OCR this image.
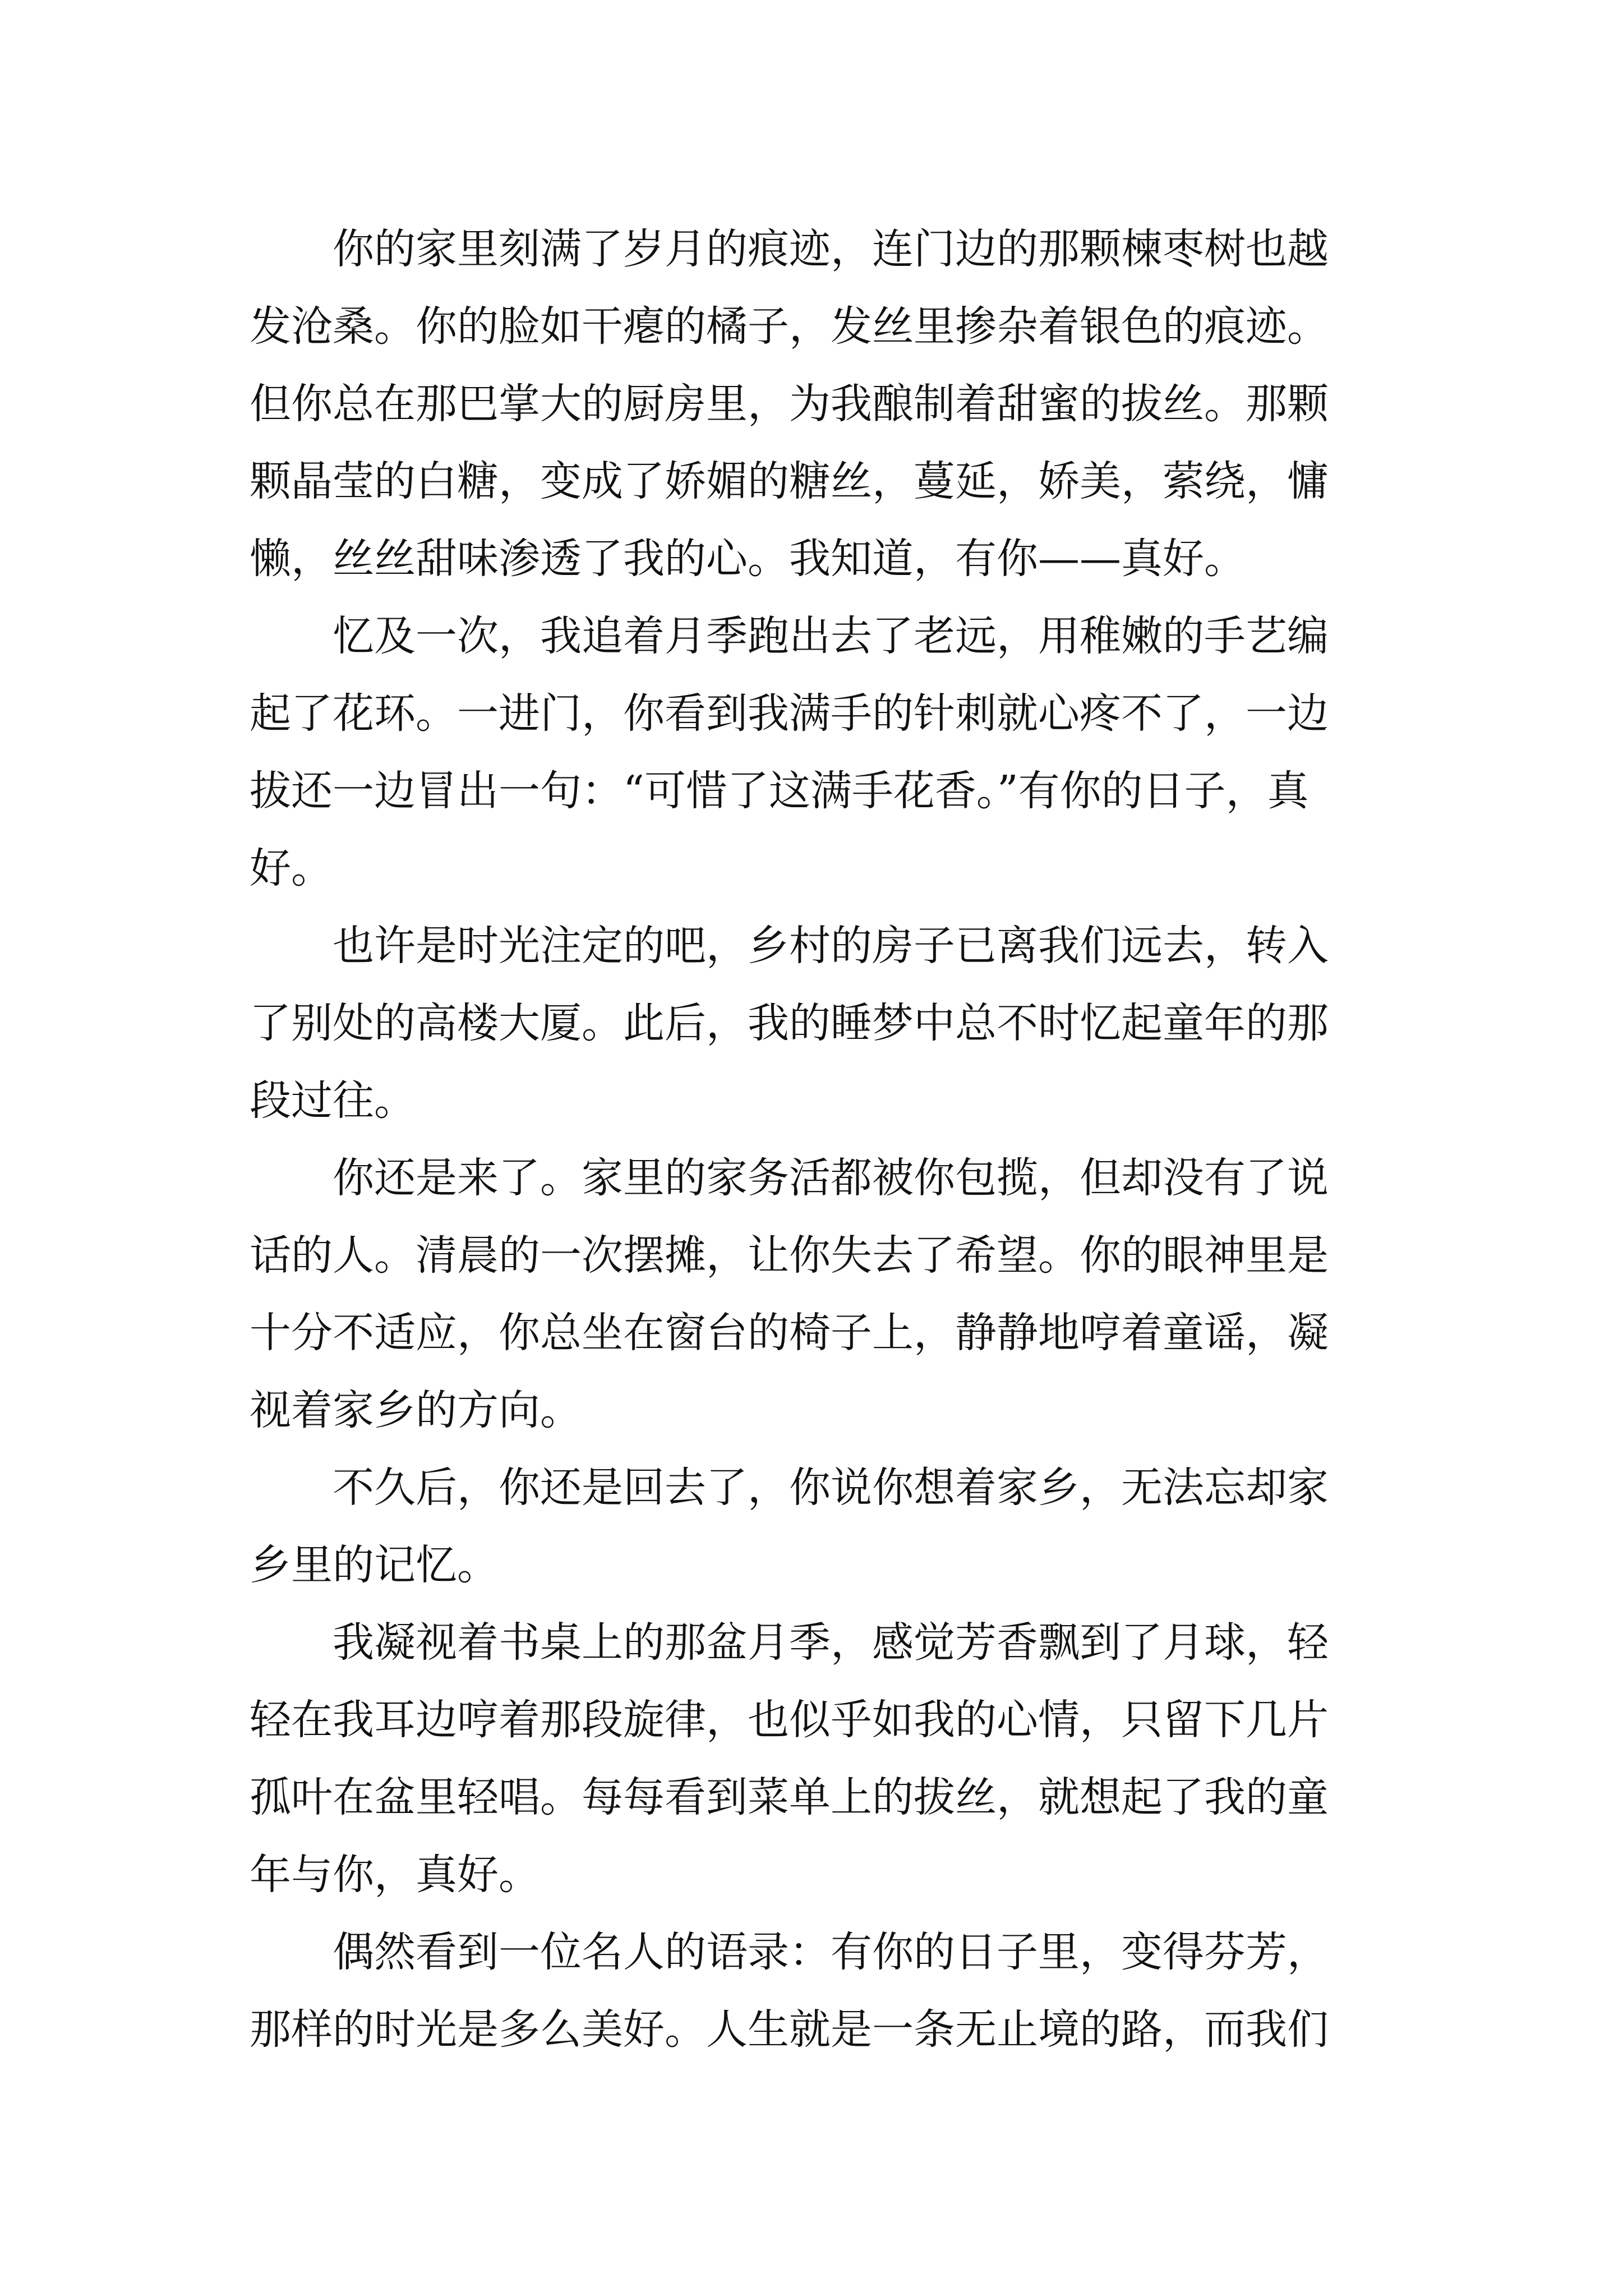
你的家里刻满了岁月的痕迹，连门边的那颗楝枣树也越
发沧桑。你的脸如干瘪的橘子，发丝里掺杂着银色的痕迹。
但你总在那巴掌大的厨房里，为我酿制着甜蜜的拔丝。那颗
颗晶莹的白糖，变成了娇媚的糖丝，蔓延，娇美，萦绕，慵
懒，丝丝甜味渗透了我的心。我知道，有你——真好。
忆及一次，我追着月季跑出去了老远，用稚嫩的手艺编
起了花环。一进门，你看到我满手的针刺就心疼不了，一边
拔还一边冒出一句：“可惜了这满手花香。”有你的日子，真
好。
也许是时光注定的吧，乡村的房子已离我们远去，转入
了别处的高楼大厦。此后，我的睡梦中总不时忆起童年的那
段过往。
你还是来了。家里的家务活都被你包揽，但却没有了说
话的人。清晨的一次摆摊，让你失去了希望。你的眼神里是
十分不适应，你总坐在窗台的椅子上，静静地哼着童谣，凝
视着家乡的方向。
不久后，你还是回去了，你说你想着家乡，无法忘却家
乡里的记忆。
我凝视着书桌上的那盆月季，感觉芳香飘到了月球，轻
轻在我耳边哼着那段旋律，也似乎如我的心情，只留下几片
孤叶在盆里轻唱。每每看到菜单上的拔丝，就想起了我的童
年与你，真好。
偶然看到一位名人的语录：有你的日子里，变得芬芳，
那样的时光是多么美好。人生就是一条无止境的路，而我们
